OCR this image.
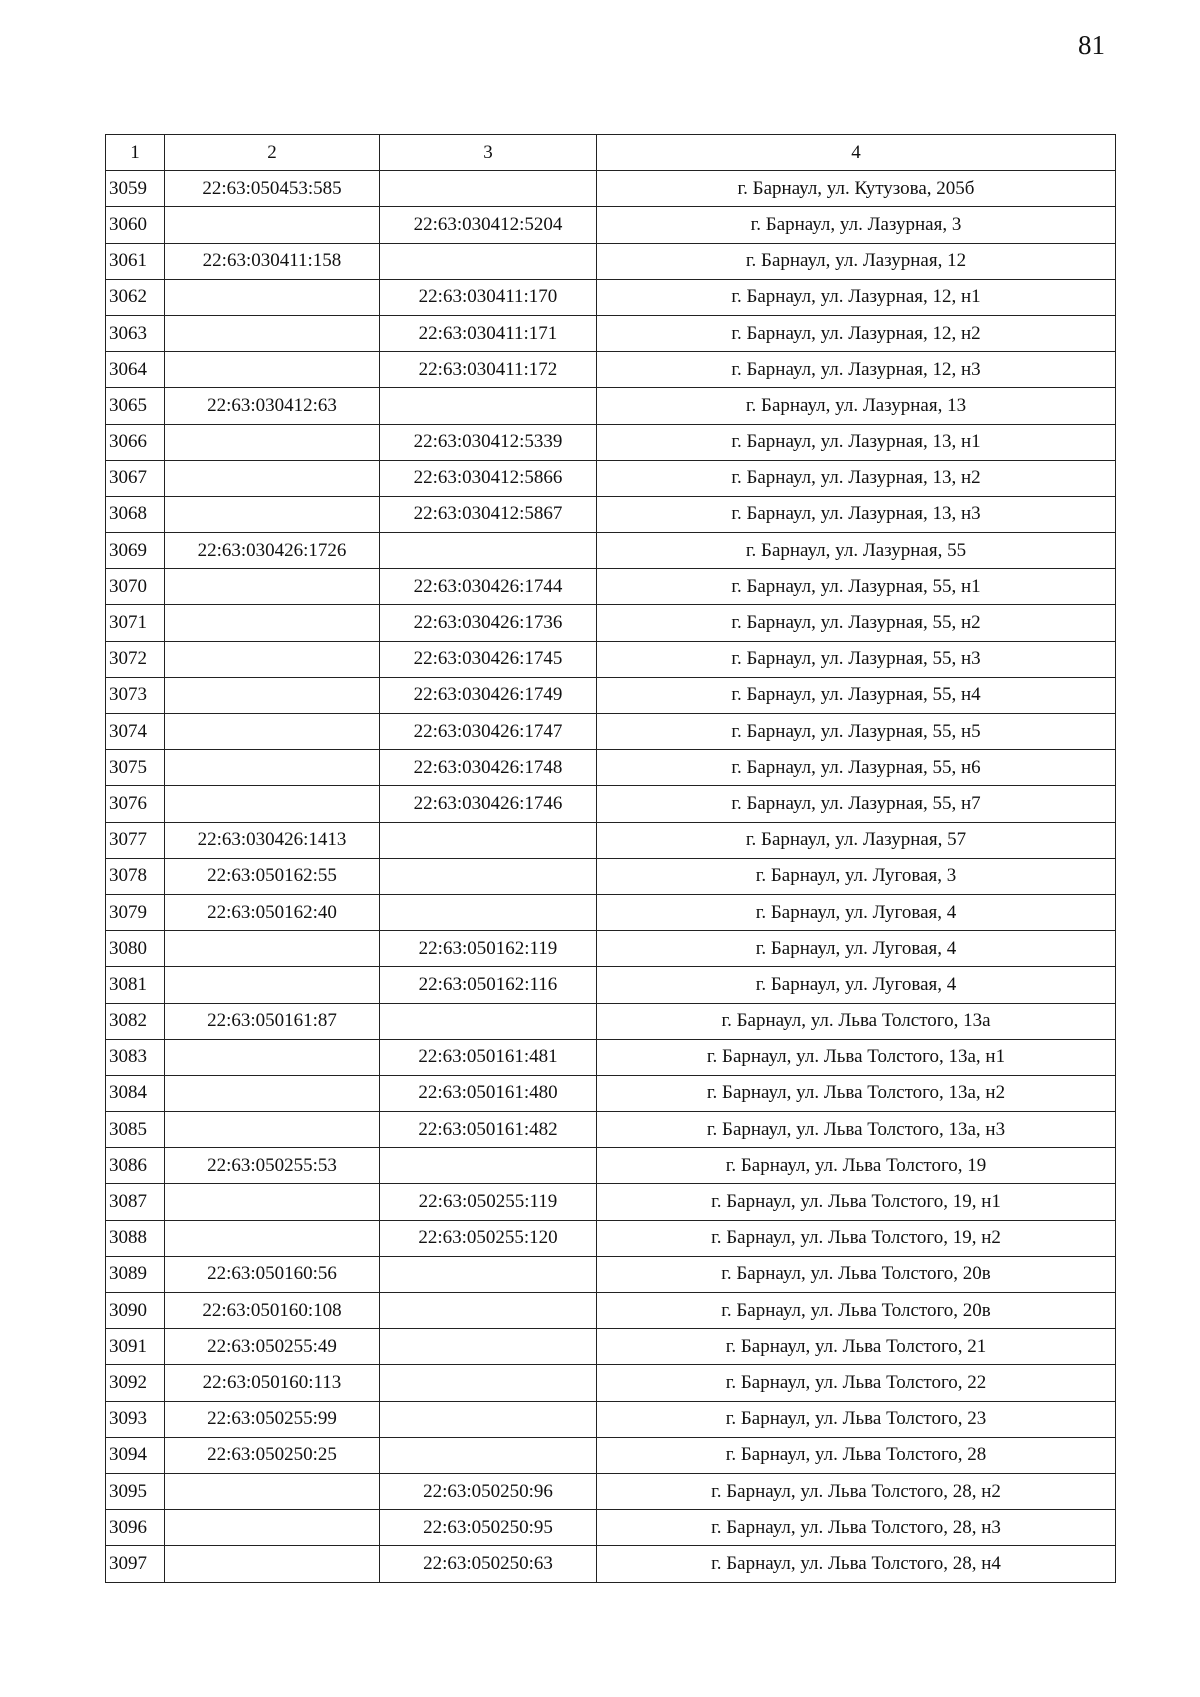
81
1	2	3	4
3059	22:63:050453:585		г. Барнаул, ул. Кутузова, 205б
3060		22:63:030412:5204	г. Барнаул, ул. Лазурная, 3
3061	22:63:030411:158		г. Барнаул, ул. Лазурная, 12
3062		22:63:030411:170	г. Барнаул, ул. Лазурная, 12, н1
3063		22:63:030411:171	г. Барнаул, ул. Лазурная, 12, н2
3064		22:63:030411:172	г. Барнаул, ул. Лазурная, 12, н3
3065	22:63:030412:63		г. Барнаул, ул. Лазурная, 13
3066		22:63:030412:5339	г. Барнаул, ул. Лазурная, 13, н1
3067		22:63:030412:5866	г. Барнаул, ул. Лазурная, 13, н2
3068		22:63:030412:5867	г. Барнаул, ул. Лазурная, 13, н3
3069	22:63:030426:1726		г. Барнаул, ул. Лазурная, 55
3070		22:63:030426:1744	г. Барнаул, ул. Лазурная, 55, н1
3071		22:63:030426:1736	г. Барнаул, ул. Лазурная, 55, н2
3072		22:63:030426:1745	г. Барнаул, ул. Лазурная, 55, н3
3073		22:63:030426:1749	г. Барнаул, ул. Лазурная, 55, н4
3074		22:63:030426:1747	г. Барнаул, ул. Лазурная, 55, н5
3075		22:63:030426:1748	г. Барнаул, ул. Лазурная, 55, н6
3076		22:63:030426:1746	г. Барнаул, ул. Лазурная, 55, н7
3077	22:63:030426:1413		г. Барнаул, ул. Лазурная, 57
3078	22:63:050162:55		г. Барнаул, ул. Луговая, 3
3079	22:63:050162:40		г. Барнаул, ул. Луговая, 4
3080		22:63:050162:119	г. Барнаул, ул. Луговая, 4
3081		22:63:050162:116	г. Барнаул, ул. Луговая, 4
3082	22:63:050161:87		г. Барнаул, ул. Льва Толстого, 13а
3083		22:63:050161:481	г. Барнаул, ул. Льва Толстого, 13а, н1
3084		22:63:050161:480	г. Барнаул, ул. Льва Толстого, 13а, н2
3085		22:63:050161:482	г. Барнаул, ул. Льва Толстого, 13а, н3
3086	22:63:050255:53		г. Барнаул, ул. Льва Толстого, 19
3087		22:63:050255:119	г. Барнаул, ул. Льва Толстого, 19, н1
3088		22:63:050255:120	г. Барнаул, ул. Льва Толстого, 19, н2
3089	22:63:050160:56		г. Барнаул, ул. Льва Толстого, 20в
3090	22:63:050160:108		г. Барнаул, ул. Льва Толстого, 20в
3091	22:63:050255:49		г. Барнаул, ул. Льва Толстого, 21
3092	22:63:050160:113		г. Барнаул, ул. Льва Толстого, 22
3093	22:63:050255:99		г. Барнаул, ул. Льва Толстого, 23
3094	22:63:050250:25		г. Барнаул, ул. Льва Толстого, 28
3095		22:63:050250:96	г. Барнаул, ул. Льва Толстого, 28, н2
3096		22:63:050250:95	г. Барнаул, ул. Льва Толстого, 28, н3
3097		22:63:050250:63	г. Барнаул, ул. Льва Толстого, 28, н4
